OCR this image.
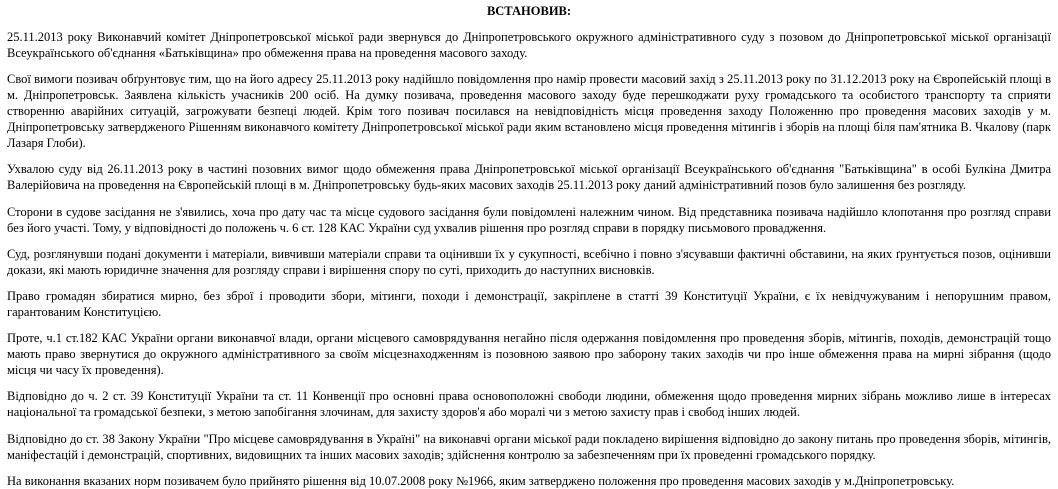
ВСТАНОВИВ:

25.11.2013 року Виконавчий комітет Дніпропетровської міської ради звернувся до Дніпропетровського окружного адміністративного суду з позовом до Дніпропетровської міської організації Всеукраїнського об'єднання «Батьківщина» про обмеження права на проведення масового заходу.

Свої вимоги позивач обґрунтовує тим, що на його адресу 25.11.2013 року надійшло повідомлення про намір провести масовий захід з 25.11.2013 року по 31.12.2013 року на Європейській площі в м. Дніпропетровськ. Заявлена кількість учасників 200 осіб. На думку позивача, проведення масового заходу буде перешкоджати руху громадського та особистого транспорту та сприяти створенню аварійних ситуацій, загрожувати безпеці людей. Крім того позивач посилався на невідповідність місця проведення заходу Положенню про проведення масових заходів у м. Дніпропетровську затвердженого Рішенням виконавчого комітету Дніпропетровської міської ради яким встановлено місця проведення мітингів і зборів на площі біля пам'ятника В. Чкалову (парк Лазаря Глоби).

Ухвалою суду від 26.11.2013 року в частині позовних вимог щодо обмеження права Дніпропетровської міської організації Всеукраїнського об'єднання "Батьківщина" в особі Булкіна Дмитра Валерійовича на проведення на Європейській площі в м. Дніпропетровську будь-яких масових заходів 25.11.2013 року даний адміністративний позов було залишення без розгляду.

Сторони в судове засідання не з'явились, хоча про дату час та місце судового засідання були повідомлені належним чином. Від представника позивача надійшло клопотання про розгляд справи без його участі. Тому, у відповідності до положень ч. 6 ст. 128 КАС України суд ухвалив рішення про розгляд справи в порядку письмового провадження.

Суд, розглянувши подані документи і матеріали, вивчивши матеріали справи та оцінивши їх у сукупності, всебічно і повно з'ясувавши фактичні обставини, на яких ґрунтується позов, оцінивши докази, які мають юридичне значення для розгляду справи і вирішення спору по суті, приходить до наступних висновків.

Право громадян збиратися мирно, без зброї і проводити збори, мітинги, походи і демонстрації, закріплене в статті 39 Конституції України, є їх невідчужуваним і непорушним правом, гарантованим Конституцією.

Проте, ч.1 ст.182 КАС України органи виконавчої влади, органи місцевого самоврядування негайно після одержання повідомлення про проведення зборів, мітингів, походів, демонстрацій тощо мають право звернутися до окружного адміністративного за своїм місцезнаходженням із позовною заявою про заборону таких заходів чи про інше обмеження права на мирні зібрання (щодо місця чи часу їх проведення).

Відповідно до ч. 2 ст. 39 Конституції України та ст. 11 Конвенції про основні права основоположні свободи людини, обмеження щодо проведення мирних зібрань можливо лише в інтересах національної та громадської безпеки, з метою запобігання злочинам, для захисту здоров'я або моралі чи з метою захисту прав і свобод інших людей.

Відповідно до ст. 38 Закону України "Про місцеве самоврядування в Україні" на виконавчі органи міської ради покладено вирішення відповідно до закону питань про проведення зборів, мітингів, маніфестацій і демонстрацій, спортивних, видовищних та інших масових заходів; здійснення контролю за забезпеченням при їх проведенні громадського порядку.

На виконання вказаних норм позивачем було прийнято рішення від 10.07.2008 року №1966, яким затверджено положення про проведення масових заходів у м.Дніпропетровську.
